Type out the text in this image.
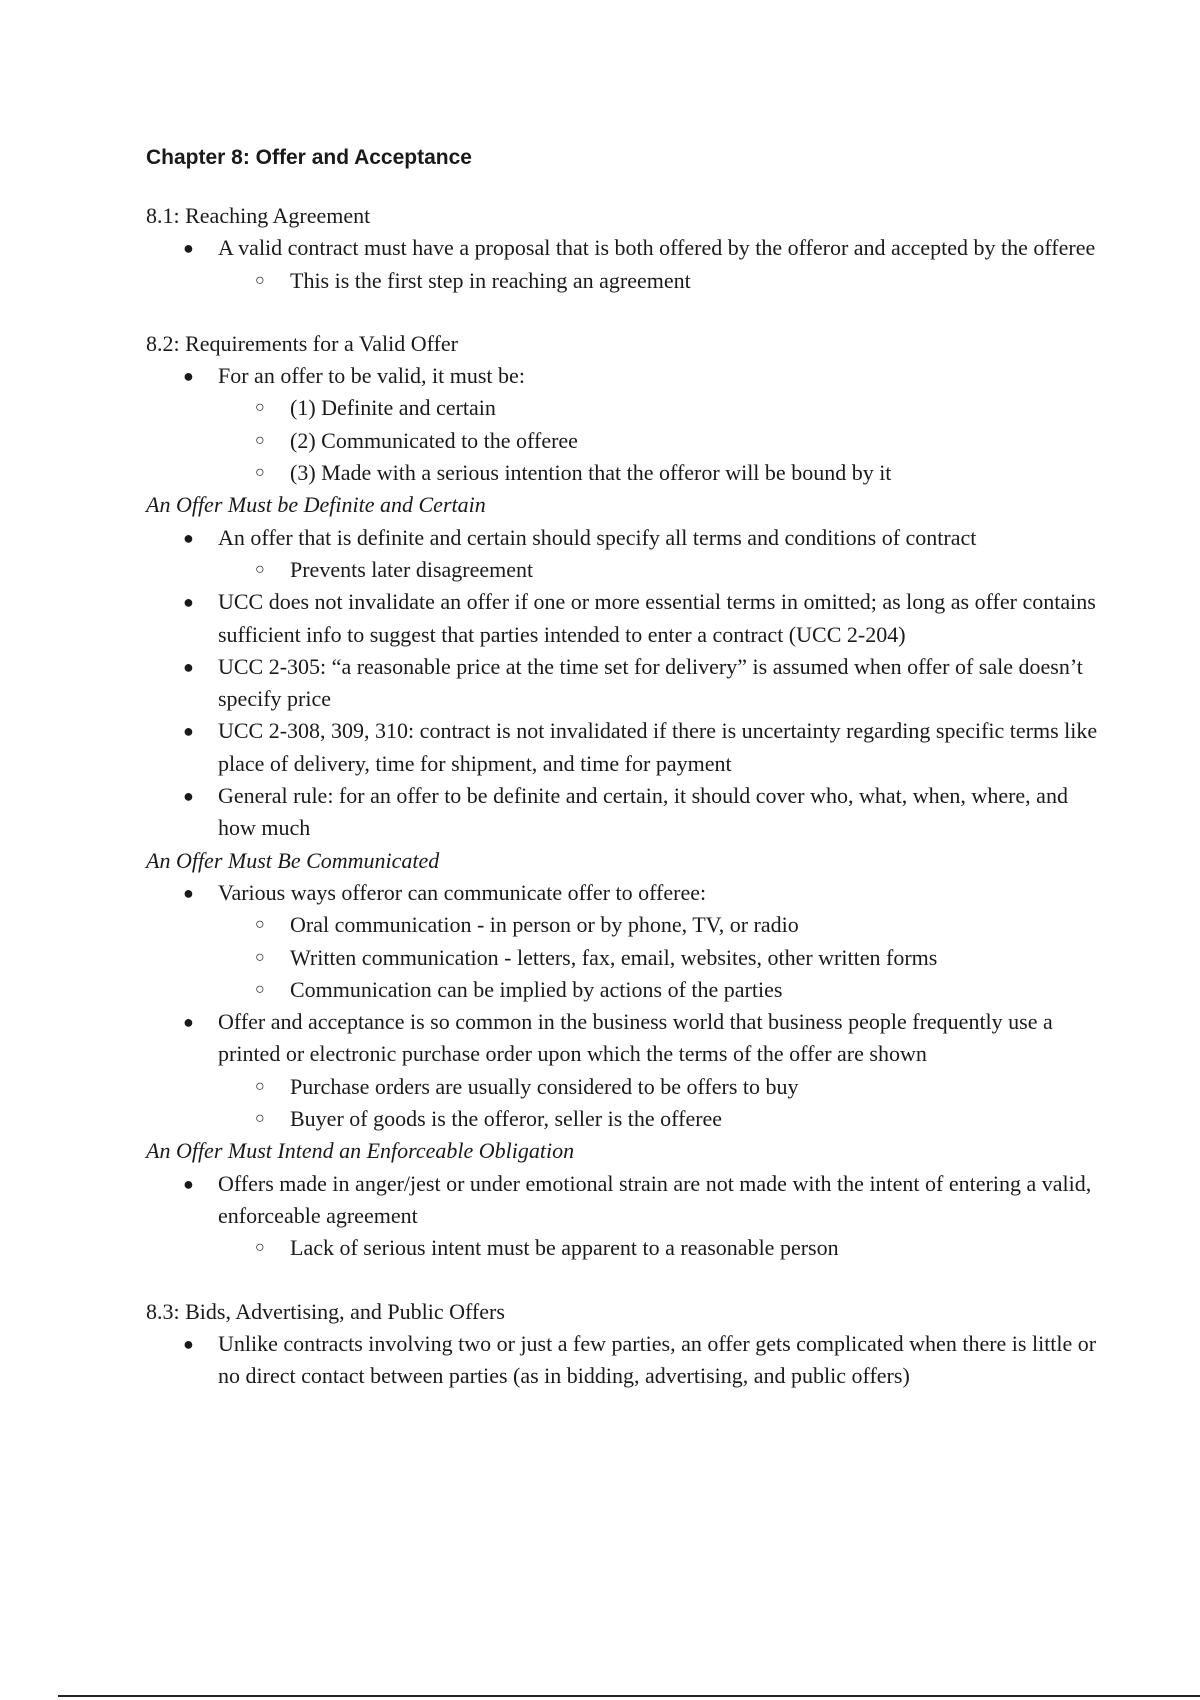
Chapter 8: Offer and Acceptance

8.1: Reaching Agreement

● A valid contract must have a proposal that is both offered by the offeror and accepted by the offeree
○ This is the first step in reaching an agreement

8.2: Requirements for a Valid Offer

● For an offer to be valid, it must be:
○ (1) Definite and certain
○ (2) Communicated to the offeree
○ (3) Made with a serious intention that the offeror will be bound by it

An Offer Must be Definite and Certain

● An offer that is definite and certain should specify all terms and conditions of contract
○ Prevents later disagreement
● UCC does not invalidate an offer if one or more essential terms in omitted; as long as offer contains sufficient info to suggest that parties intended to enter a contract (UCC 2-204)
● UCC 2-305: “a reasonable price at the time set for delivery” is assumed when offer of sale doesn’t specify price
● UCC 2-308, 309, 310: contract is not invalidated if there is uncertainty regarding specific terms like place of delivery, time for shipment, and time for payment
● General rule: for an offer to be definite and certain, it should cover who, what, when, where, and how much

An Offer Must Be Communicated

● Various ways offeror can communicate offer to offeree:
○ Oral communication - in person or by phone, TV, or radio
○ Written communication - letters, fax, email, websites, other written forms
○ Communication can be implied by actions of the parties
● Offer and acceptance is so common in the business world that business people frequently use a printed or electronic purchase order upon which the terms of the offer are shown
○ Purchase orders are usually considered to be offers to buy
○ Buyer of goods is the offeror, seller is the offeree

An Offer Must Intend an Enforceable Obligation

● Offers made in anger/jest or under emotional strain are not made with the intent of entering a valid, enforceable agreement
○ Lack of serious intent must be apparent to a reasonable person

8.3: Bids, Advertising, and Public Offers

● Unlike contracts involving two or just a few parties, an offer gets complicated when there is little or no direct contact between parties (as in bidding, advertising, and public offers)
